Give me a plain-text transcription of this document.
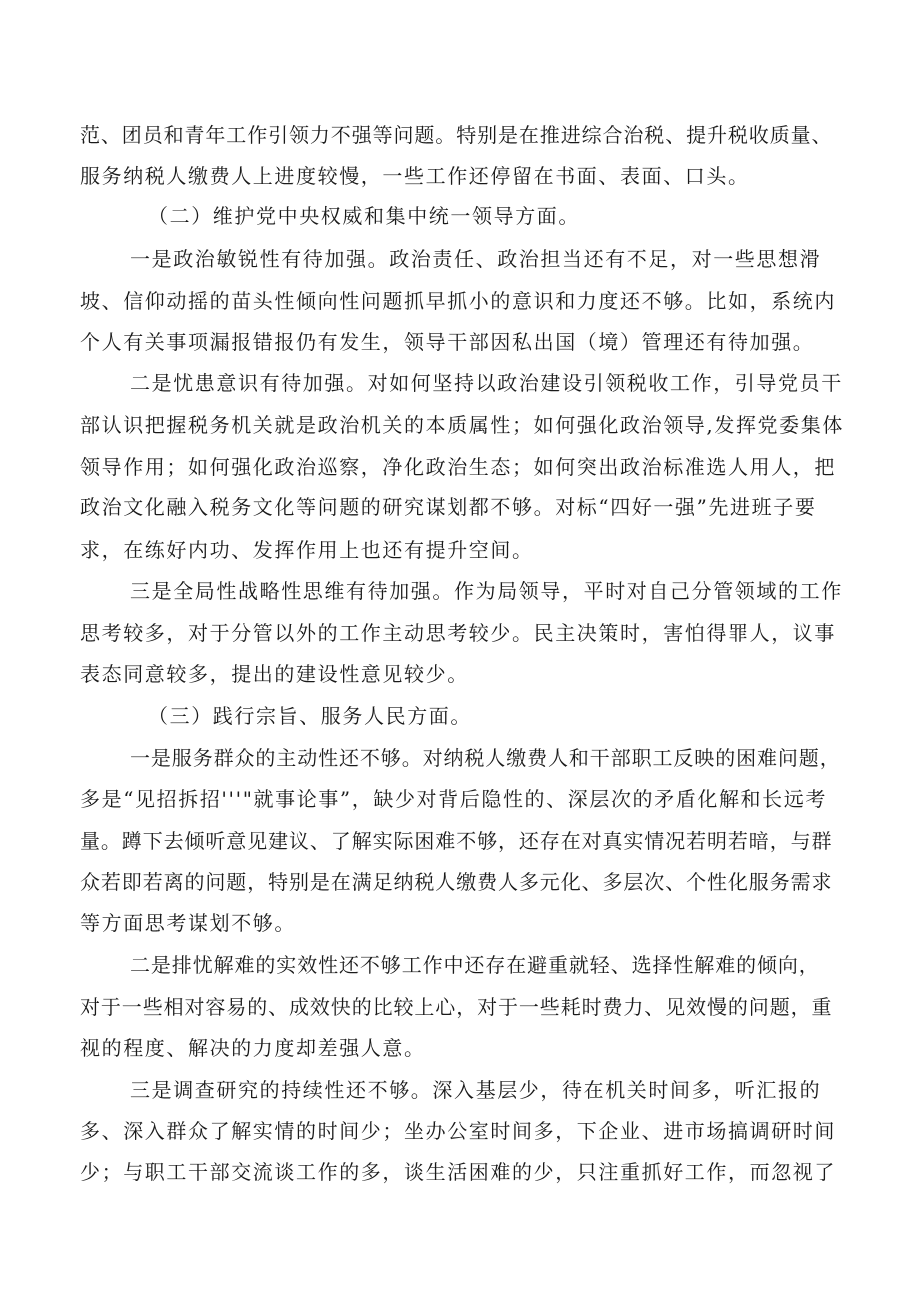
范、团员和青年工作引领力不强等问题。特别是在推进综合治税、提升税收质量、

服务纳税人缴费人上进度较慢，一些工作还停留在书面、表面、口头。

（二）维护党中央权威和集中统一领导方面。

一是政治敏锐性有待加强。政治责任、政治担当还有不足，对一些思想滑

坡、信仰动摇的苗头性倾向性问题抓早抓小的意识和力度还不够。比如，系统内

个人有关事项漏报错报仍有发生，领导干部因私出国（境）管理还有待加强。

二是忧患意识有待加强。对如何坚持以政治建设引领税收工作，引导党员干

部认识把握税务机关就是政治机关的本质属性；如何强化政治领导,发挥党委集体

领导作用；如何强化政治巡察，净化政治生态；如何突出政治标准选人用人，把

政治文化融入税务文化等问题的研究谋划都不够。对标“四好一强”先进班子要

求，在练好内功、发挥作用上也还有提升空间。

三是全局性战略性思维有待加强。作为局领导，平时对自己分管领域的工作

思考较多，对于分管以外的工作主动思考较少。民主决策时，害怕得罪人，议事

表态同意较多，提出的建设性意见较少。

（三）践行宗旨、服务人民方面。

一是服务群众的主动性还不够。对纳税人缴费人和干部职工反映的困难问题，

多是“见招拆招'''"就事论事”，缺少对背后隐性的、深层次的矛盾化解和长远考

量。蹲下去倾听意见建议、了解实际困难不够，还存在对真实情况若明若暗，与群

众若即若离的问题，特别是在满足纳税人缴费人多元化、多层次、个性化服务需求

等方面思考谋划不够。

二是排忧解难的实效性还不够工作中还存在避重就轻、选择性解难的倾向，

对于一些相对容易的、成效快的比较上心，对于一些耗时费力、见效慢的问题，重

视的程度、解决的力度却差强人意。

三是调查研究的持续性还不够。深入基层少，待在机关时间多，听汇报的

多、深入群众了解实情的时间少；坐办公室时间多，下企业、进市场搞调研时间

少；与职工干部交流谈工作的多，谈生活困难的少，只注重抓好工作，而忽视了
